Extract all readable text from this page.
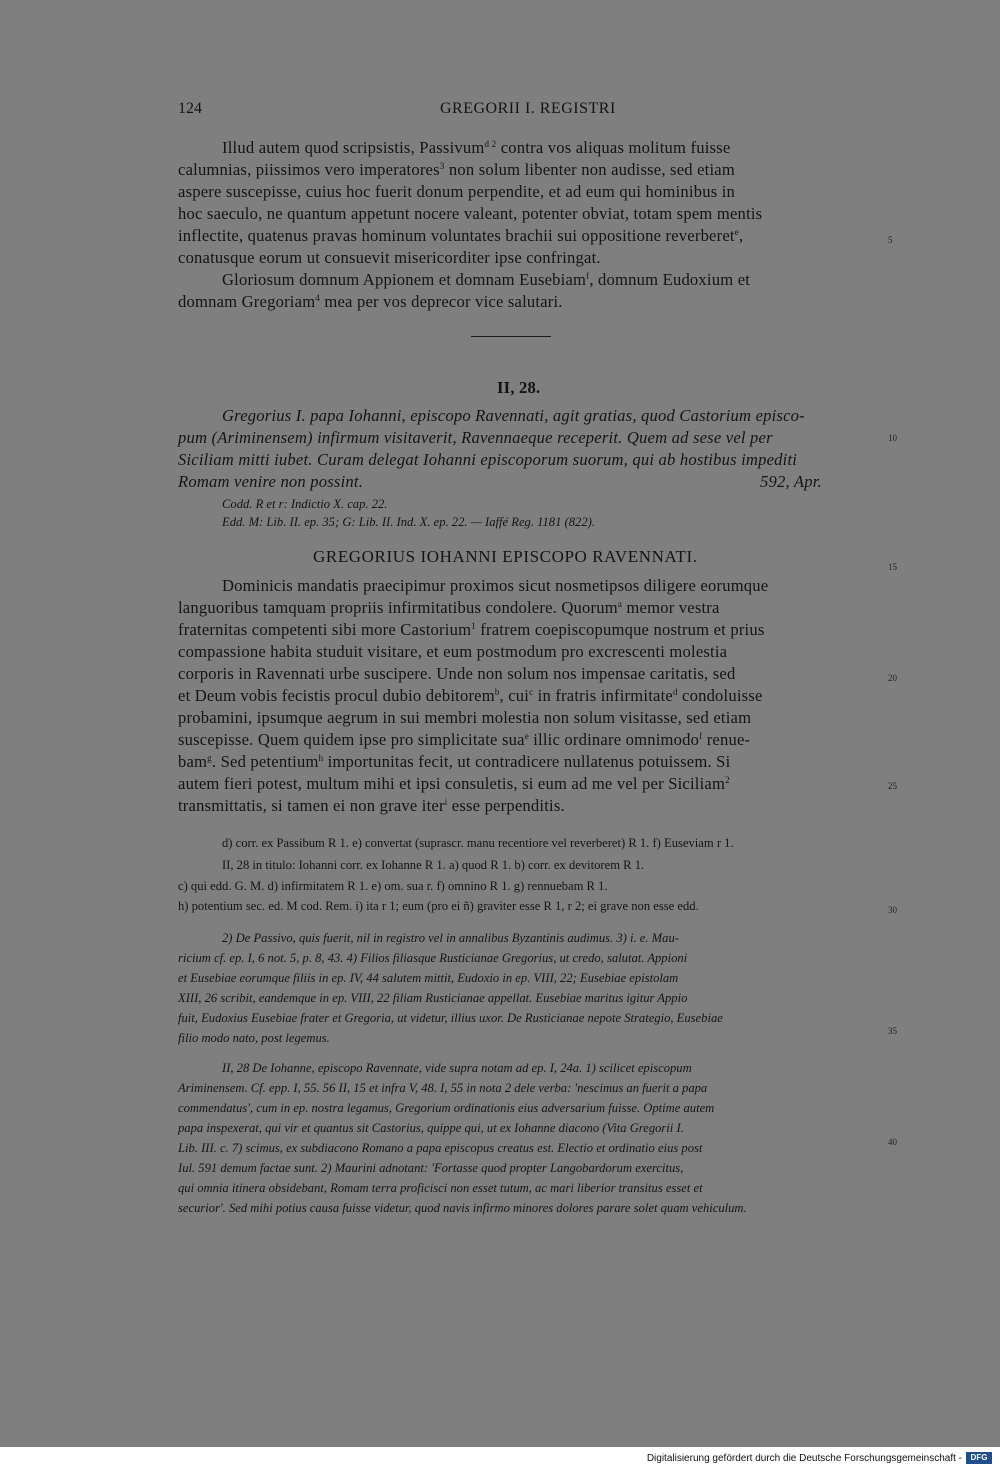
124	GREGORII I. REGISTRI
Illud autem quod scripsistis, Passivum$^{d 2}$ contra vos aliquas molitum fuisse
calumnias, piissimos vero imperatores$^3$ non solum libenter non audisse, sed etiam
aspere suscepisse, cuius hoc fuerit donum perpendite, et ad eum qui hominibus in
hoc saeculo, ne quantum appetunt nocere valeant, potenter obviat, totam spem mentis
inflectite, quatenus pravas hominum voluntates brachii sui oppositione reverberet$^e$,
conatusque eorum ut consuevit misericorditer ipse confringat.
Gloriosum domnum Appionem et domnam Eusebiam$^f$, domnum Eudoxium et
domnam Gregoriam$^4$ mea per vos deprecor vice salutari.
II, 28.
Gregorius I. papa Iohanni, episcopo Ravennati, agit gratias, quod Castorium episco-
pum (Ariminensem) infirmum visitaverit, Ravennaeque receperit. Quem ad sese vel per
Siciliam mitti iubet. Curam delegat Iohanni episcoporum suorum, qui ab hostibus impediti
Romam venire non possint.	592, Apr.
Codd. R et r: Indictio X. cap. 22.
Edd. M: Lib. II. ep. 35; G: Lib. II. Ind. X. ep. 22. — Iaffé Reg. 1181 (822).
GREGORIUS IOHANNI EPISCOPO RAVENNATI.
Dominicis mandatis praecipimur proximos sicut nosmetipsos diligere eorumque
languoribus tamquam propriis infirmitatibus condolere. Quorum$^a$ memor vestra
fraternitas competenti sibi more Castorium$^1$ fratrem coepiscopumque nostrum et prius
compassione habita studuit visitare, et eum postmodum pro excrescenti molestia
corporis in Ravennati urbe suscipere. Unde non solum nos impensae caritatis, sed
et Deum vobis fecistis procul dubio debitorem$^b$, cui$^c$ in fratris infirmitate$^d$ condoluisse
probamini, ipsumque aegrum in sui membri molestia non solum visitasse, sed etiam
suscepisse. Quem quidem ipse pro simplicitate sua$^e$ illic ordinare omnimodo$^f$ renue-
bam$^g$. Sed petentium$^h$ importunitas fecit, ut contradicere nullatenus potuissem. Si
autem fieri potest, multum mihi et ipsi consuletis, si eum ad me vel per Siciliam$^2$
transmittatis, si tamen ei non grave iter$^i$ esse perpenditis.
d) corr. ex Passibum R 1. e) convertat (suprascr. manu recentiore vel reverberet) R 1. f) Euseviam r 1.
II, 28 in titulo: Iohanni corr. ex Iohanne R 1. a) quod R 1. b) corr. ex devitorem R 1.
c) qui edd. G. M. d) infirmitatem R 1. e) om. sua r. f) omnino R 1. g) rennuebam R 1.
h) potentium sec. ed. M cod. Rem. i) ita r 1; eum (pro ei ñ) graviter esse R 1, r 2; ei grave non esse edd.
2) De Passivo, quis fuerit, nil in registro vel in annalibus Byzantinis audimus. 3) i. e. Mau-
ricium cf. ep. I, 6 not. 5, p. 8, 43. 4) Filios filiasque Rusticianae Gregorius, ut credo, salutat. Appioni
et Eusebiae eorumque filiis in ep. IV, 44 salutem mittit, Eudoxio in ep. VIII, 22; Eusebiae epistolam
XIII, 26 scribit, eandemque in ep. VIII, 22 filiam Rusticianae appellat. Eusebiae maritus igitur Appio
fuit, Eudoxius Eusebiae frater et Gregoria, ut videtur, illius uxor. De Rusticianae nepote Strategio, Eusebiae
filio modo nato, post legemus.
II, 28 De Iohanne, episcopo Ravennate, vide supra notam ad ep. I, 24a. 1) scilicet episcopum
Ariminensem. Cf. epp. I, 55. 56 II, 15 et infra V, 48. I, 55 in nota 2 dele verba: 'nescimus an fuerit a papa
commendatus', cum in ep. nostra legamus, Gregorium ordinationis eius adversarium fuisse. Optime autem
papa inspexerat, qui vir et quantus sit Castorius, quippe qui, ut ex Iohanne diacono (Vita Gregorii I.
Lib. III. c. 7) scimus, ex subdiacono Romano a papa episcopus creatus est. Electio et ordinatio eius post
Iul. 591 demum factae sunt. 2) Maurini adnotant: 'Fortasse quod propter Langobardorum exercitus,
qui omnia itinera obsidebant, Romam terra proficisci non esset tutum, ac mari liberior transitus esset et
securior'. Sed mihi potius causa fuisse videtur, quod navis infirmo minores dolores parare solet quam vehiculum.
5
10
15
20
25
30
35
40
Digitalisierung gefördert durch die Deutsche Forschungsgemeinschaft -	DFG
